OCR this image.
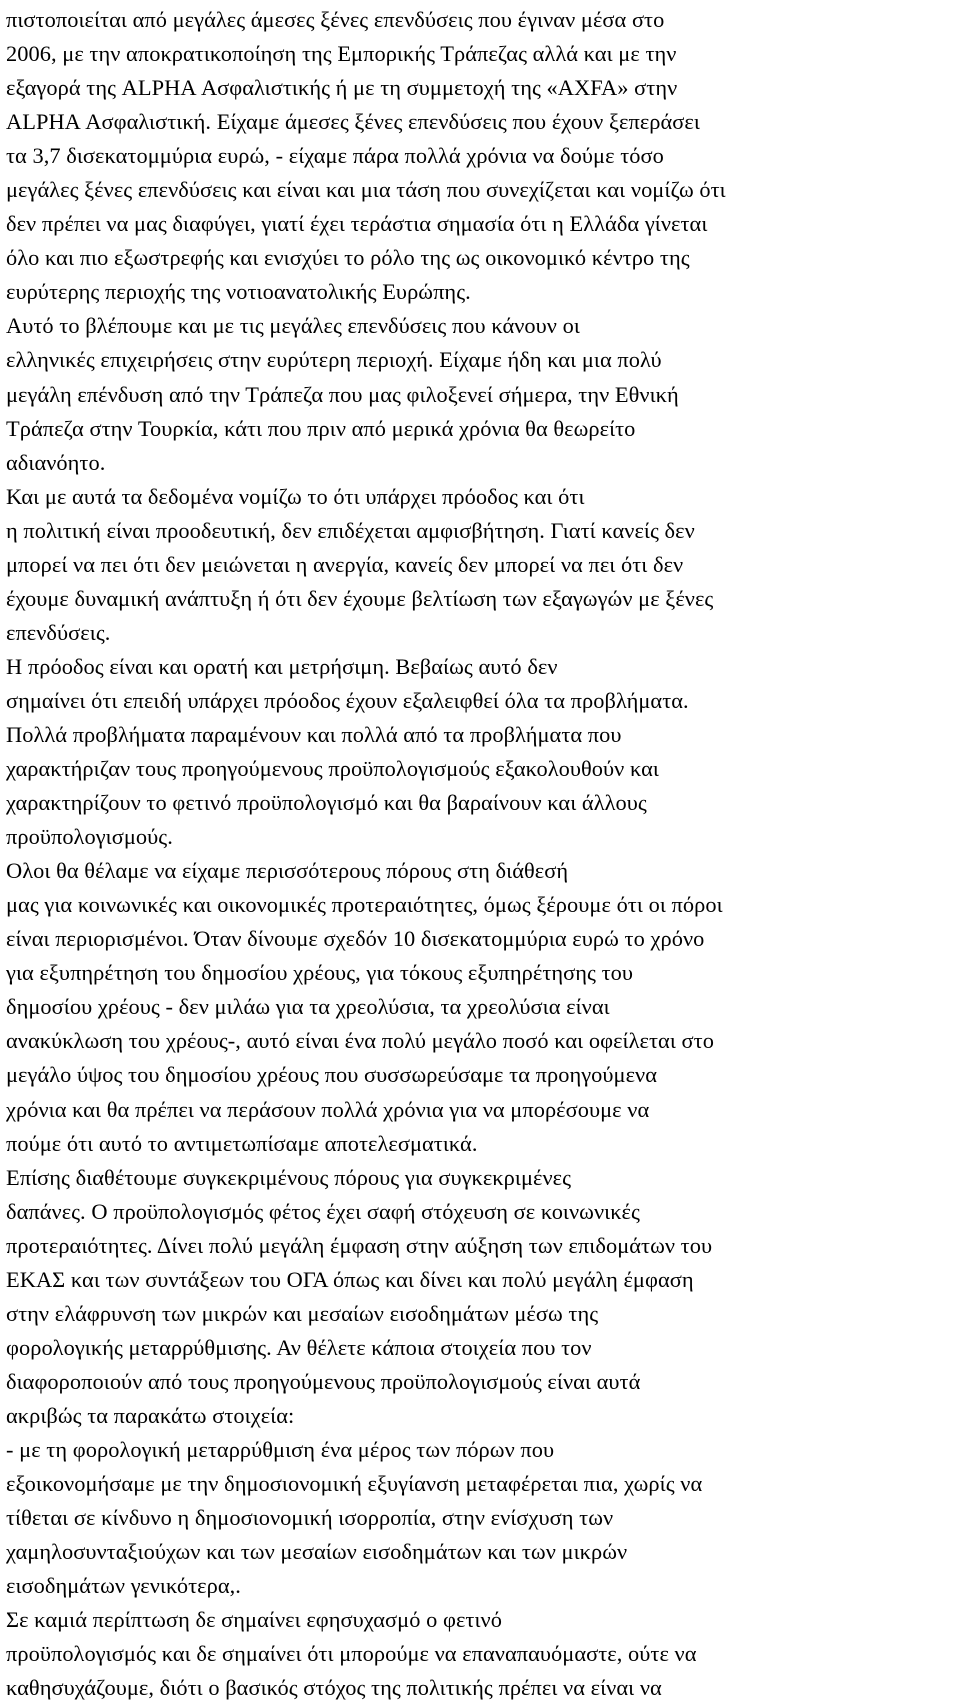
πιστοποιείται από μεγάλες άμεσες ξένες επενδύσεις που έγιναν μέσα στο
2006, με την αποκρατικοποίηση της Εμπορικής Τράπεζας αλλά και με την
εξαγορά της ALPHA Ασφαλιστικής ή με τη συμμετοχή της «AXFA» στην
ALPHA Ασφαλιστική. Είχαμε άμεσες ξένες επενδύσεις που έχουν ξεπεράσει
τα 3,7 δισεκατομμύρια ευρώ, - είχαμε πάρα πολλά χρόνια να δούμε τόσο
μεγάλες ξένες επενδύσεις και είναι και μια τάση που συνεχίζεται και νομίζω ότι
δεν πρέπει να μας διαφύγει, γιατί έχει τεράστια σημασία ότι η Ελλάδα γίνεται
όλο και πιο εξωστρεφής και ενισχύει το ρόλο της ως οικονομικό κέντρο της
ευρύτερης περιοχής της νοτιοανατολικής Ευρώπης.
Αυτό το βλέπουμε και με τις μεγάλες επενδύσεις που κάνουν οι
ελληνικές επιχειρήσεις στην ευρύτερη περιοχή. Είχαμε ήδη και μια πολύ
μεγάλη επένδυση από την Τράπεζα που μας φιλοξενεί σήμερα, την Εθνική
Τράπεζα στην Τουρκία, κάτι που πριν από μερικά χρόνια θα θεωρείτο
αδιανόητο.
Και με αυτά τα δεδομένα νομίζω το ότι υπάρχει πρόοδος και ότι
η πολιτική είναι προοδευτική, δεν επιδέχεται αμφισβήτηση. Γιατί κανείς δεν
μπορεί να πει ότι δεν μειώνεται η ανεργία, κανείς δεν μπορεί να πει ότι δεν
έχουμε δυναμική ανάπτυξη ή ότι δεν έχουμε βελτίωση των εξαγωγών με ξένες
επενδύσεις.
Η πρόοδος είναι και ορατή και μετρήσιμη. Βεβαίως αυτό δεν
σημαίνει ότι επειδή υπάρχει πρόοδος έχουν εξαλειφθεί όλα τα προβλήματα.
Πολλά προβλήματα παραμένουν και πολλά από τα προβλήματα που
χαρακτήριζαν τους προηγούμενους προϋπολογισμούς εξακολουθούν και
χαρακτηρίζουν το φετινό προϋπολογισμό και θα βαραίνουν και άλλους
προϋπολογισμούς.
Ολοι θα θέλαμε να είχαμε περισσότερους πόρους στη διάθεσή
μας για κοινωνικές και οικονομικές προτεραιότητες, όμως ξέρουμε ότι οι πόροι
είναι περιορισμένοι. Όταν δίνουμε σχεδόν 10 δισεκατομμύρια ευρώ το χρόνο
για εξυπηρέτηση του δημοσίου χρέους, για τόκους εξυπηρέτησης του
δημοσίου χρέους - δεν μιλάω για τα χρεολύσια, τα χρεολύσια είναι
ανακύκλωση του χρέους-, αυτό είναι ένα πολύ μεγάλο ποσό και οφείλεται στο
μεγάλο ύψος του δημοσίου χρέους που συσσωρεύσαμε τα προηγούμενα
χρόνια και θα πρέπει να περάσουν πολλά χρόνια για να μπορέσουμε να
πούμε ότι αυτό το αντιμετωπίσαμε αποτελεσματικά.
Επίσης διαθέτουμε συγκεκριμένους πόρους για συγκεκριμένες
δαπάνες. Ο προϋπολογισμός φέτος έχει σαφή στόχευση σε κοινωνικές
προτεραιότητες. Δίνει πολύ μεγάλη έμφαση στην αύξηση των επιδομάτων του
ΕΚΑΣ και των συντάξεων του ΟΓΑ όπως και δίνει και πολύ μεγάλη έμφαση
στην ελάφρυνση των μικρών και μεσαίων εισοδημάτων μέσω της
φορολογικής μεταρρύθμισης. Αν θέλετε κάποια στοιχεία που τον
διαφοροποιούν από τους προηγούμενους προϋπολογισμούς είναι αυτά
ακριβώς τα παρακάτω στοιχεία:
- με τη φορολογική μεταρρύθμιση ένα μέρος των πόρων που
εξοικονομήσαμε με την δημοσιονομική εξυγίανση μεταφέρεται πια, χωρίς να
τίθεται σε κίνδυνο η δημοσιονομική ισορροπία, στην ενίσχυση των
χαμηλοσυνταξιούχων και των μεσαίων εισοδημάτων και των μικρών
εισοδημάτων γενικότερα,.
Σε καμιά περίπτωση δε σημαίνει εφησυχασμό ο φετινό
προϋπολογισμός και δε σημαίνει ότι μπορούμε να επαναπαυόμαστε, ούτε να
καθησυχάζουμε, διότι ο βασικός στόχος της πολιτικής πρέπει να είναι να
